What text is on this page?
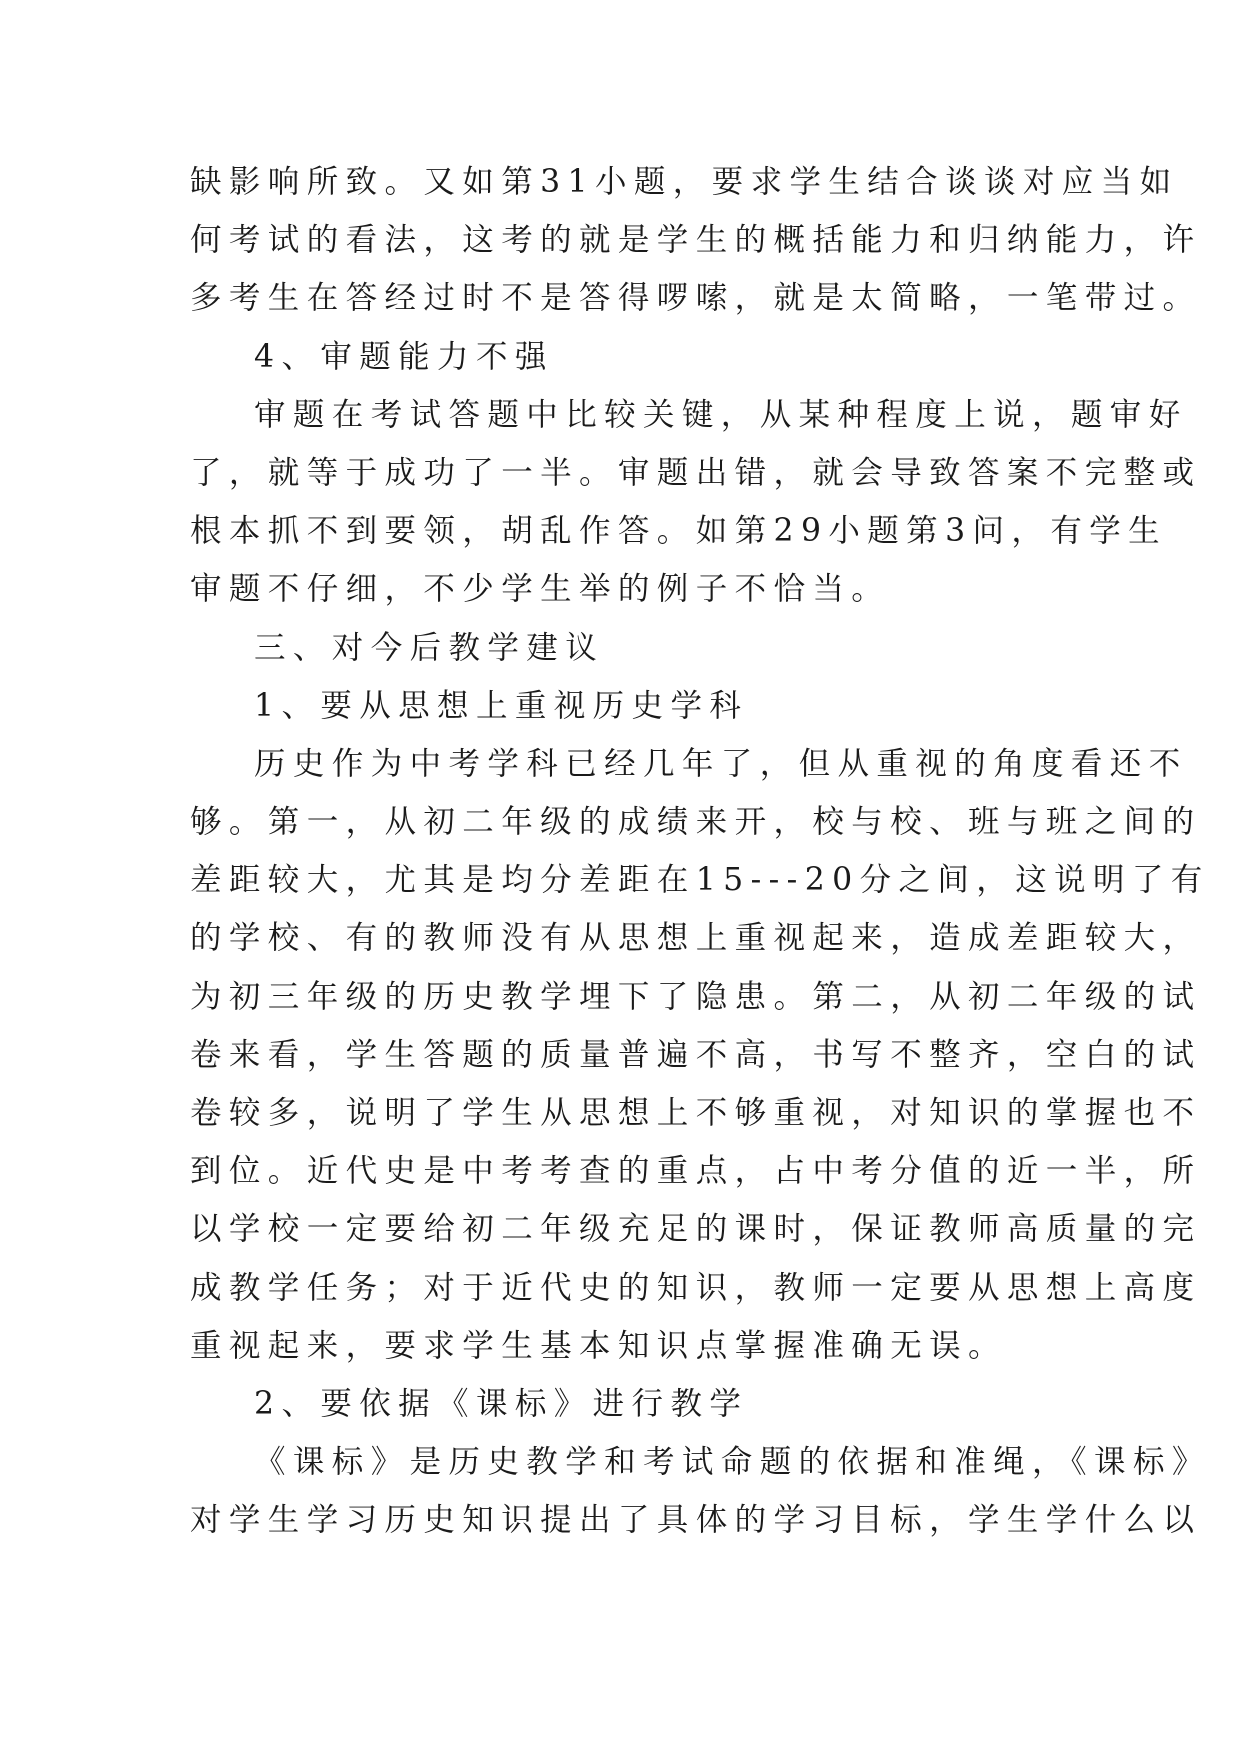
缺影响所致。又如第31小题，要求学生结合谈谈对应当如
何考试的看法，这考的就是学生的概括能力和归纳能力，许
多考生在答经过时不是答得啰嗦，就是太简略，一笔带过。
4、审题能力不强
审题在考试答题中比较关键，从某种程度上说，题审好
了，就等于成功了一半。审题出错，就会导致答案不完整或
根本抓不到要领，胡乱作答。如第29小题第3问，有学生
审题不仔细，不少学生举的例子不恰当。
三、对今后教学建议
1、要从思想上重视历史学科
历史作为中考学科已经几年了，但从重视的角度看还不
够。第一，从初二年级的成绩来开，校与校、班与班之间的
差距较大，尤其是均分差距在15---20分之间，这说明了有
的学校、有的教师没有从思想上重视起来，造成差距较大，
为初三年级的历史教学埋下了隐患。第二，从初二年级的试
卷来看，学生答题的质量普遍不高，书写不整齐，空白的试
卷较多，说明了学生从思想上不够重视，对知识的掌握也不
到位。近代史是中考考查的重点，占中考分值的近一半，所
以学校一定要给初二年级充足的课时，保证教师高质量的完
成教学任务；对于近代史的知识，教师一定要从思想上高度
重视起来，要求学生基本知识点掌握准确无误。
2、要依据《课标》进行教学
《课标》是历史教学和考试命题的依据和准绳，《课标》
对学生学习历史知识提出了具体的学习目标，学生学什么以
